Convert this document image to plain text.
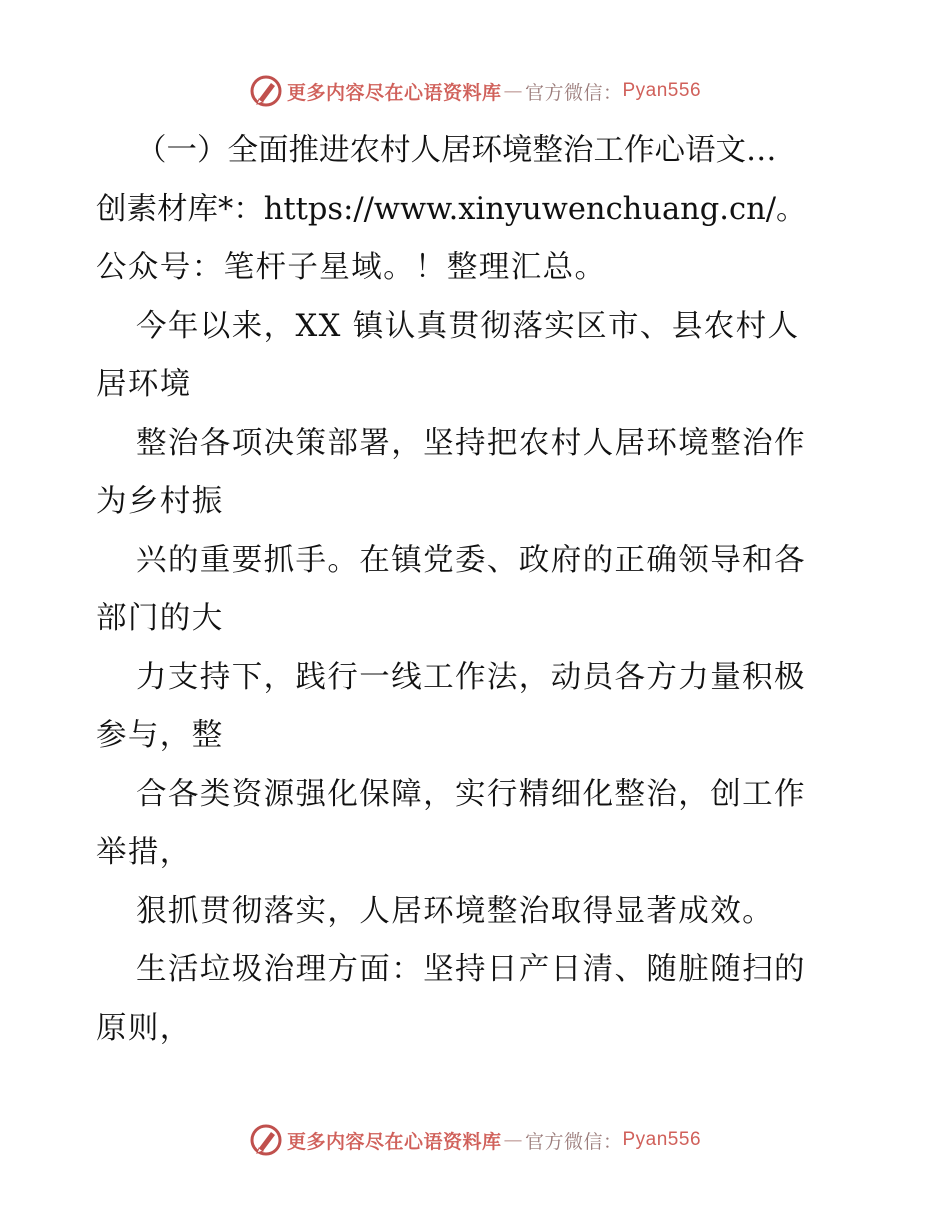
更多内容尽在心语资料库 — 官方微信： Pyan556
（一）全面推进农村人居环境整治工作心语文…
创素材库*：https://www.xinyuwenchuang.cn/。
公众号：笔杆子星域。！整理汇总。
今年以来，XX 镇认真贯彻落实区市、县农村人
居环境
整治各项决策部署，坚持把农村人居环境整治作
为乡村振
兴的重要抓手。在镇党委、政府的正确领导和各
部门的大
力支持下，践行一线工作法，动员各方力量积极
参与，整
合各类资源强化保障，实行精细化整治，创工作
举措，
狠抓贯彻落实，人居环境整治取得显著成效。
生活垃圾治理方面：坚持日产日清、随脏随扫的
原则，
更多内容尽在心语资料库 — 官方微信： Pyan556
